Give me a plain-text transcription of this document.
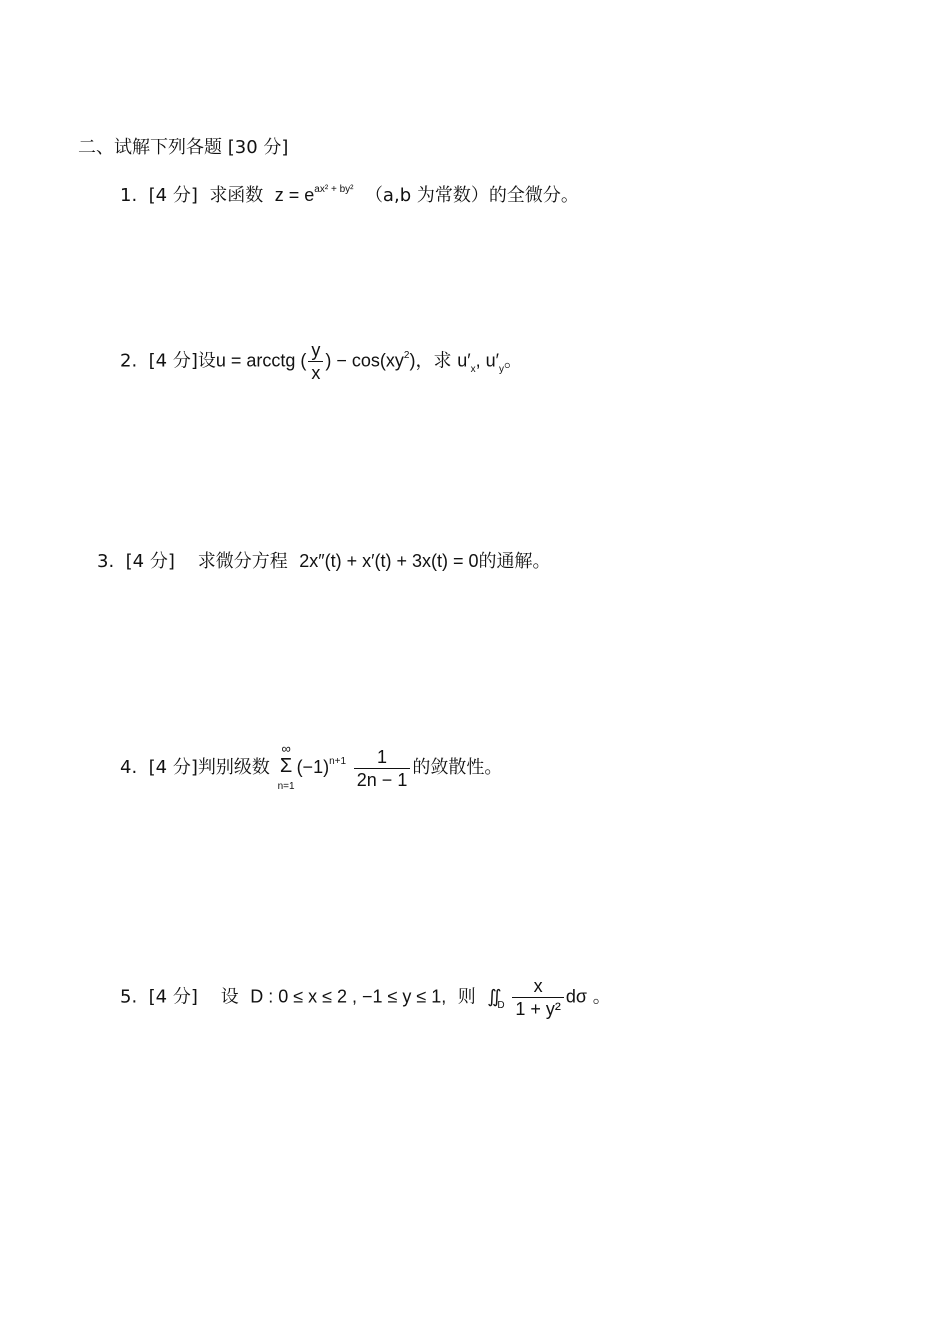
二、试解下列各题 [30 分]
1. [4 分] 求函数 $z = e^{ax^2 + by^2}$ （a,b 为常数）的全微分。
2. [4 分]设u = arcctg ( $\frac{y}{x}$ ) − $\cos(xy^2)$，求 $u'_x$, $u'_y$。
3. [4 分] 求微分方程 2x″(t) + x′(t) + 3x(t) = 0的通解。
4. [4 分]判别级数
∞
Σ
n=1
$(-1)^{n+1} \frac{1}{2n - 1}$ 的敛散性。
5. [4 分] 设 D : 0 ≤ x ≤ 2 , −1 ≤ y ≤ 1, 则 $∬_D \frac{x}{\text{1 + y²}}$ dσ 。
